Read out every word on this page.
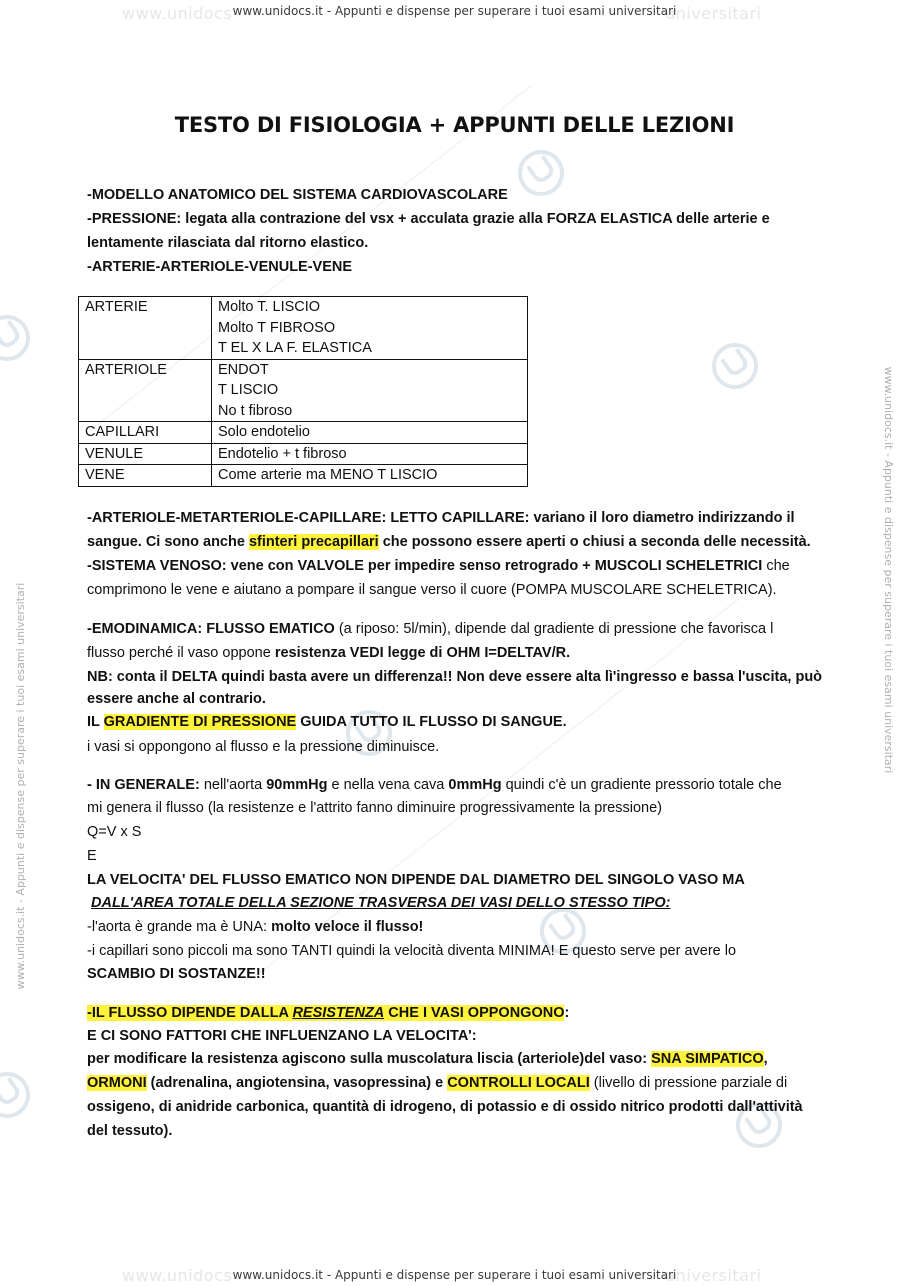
www.unidocs	universitari
www.unidocs.it - Appunti e dispense per superare i tuoi esami universitari
www.unidocs	universitari
www.unidocs.it - Appunti e dispense per superare i tuoi esami universitari
www.unidocs.it - Appunti e dispense per superare i tuoi esami universitari
www.unidocs.it - Appunti e dispense per superare i tuoi esami universitari
TESTO DI FISIOLOGIA + APPUNTI DELLE LEZIONI
-MODELLO ANATOMICO DEL SISTEMA CARDIOVASCOLARE
-PRESSIONE: legata alla contrazione del vsx + acculata grazie alla FORZA ELASTICA delle arterie e
lentamente rilasciata dal ritorno elastico.
-ARTERIE-ARTERIOLE-VENULE-VENE
ARTERIE	Molto T. LISCIO
Molto T FIBROSO
T EL X LA F. ELASTICA

ARTERIOLE	ENDOT
T LISCIO
No t fibroso

CAPILLARI	Solo endotelio

VENULE	Endotelio + t fibroso

VENE	Come arterie ma MENO T LISCIO
-ARTERIOLE-METARTERIOLE-CAPILLARE: LETTO CAPILLARE: variano il loro diametro indirizzando il
sangue. Ci sono anche sfinteri precapillari che possono essere aperti o chiusi a seconda delle necessità.
-SISTEMA VENOSO: vene con VALVOLE per impedire senso retrogrado + MUSCOLI SCHELETRICI che
comprimono le vene e aiutano a pompare il sangue verso il cuore (POMPA MUSCOLARE SCHELETRICA).
-EMODINAMICA: FLUSSO EMATICO (a riposo: 5l/min), dipende dal gradiente di pressione che favorisca l
flusso perché il vaso oppone resistenza VEDI legge di OHM I=DELTAV/R.
NB: conta il DELTA quindi basta avere un differenza!! Non deve essere alta lì'ingresso e bassa l'uscita, può
essere anche al contrario.
IL GRADIENTE DI PRESSIONE GUIDA TUTTO IL FLUSSO DI SANGUE.
i vasi si oppongono al flusso e la pressione diminuisce.
- IN GENERALE: nell'aorta 90mmHg e nella vena cava 0mmHg quindi c'è un gradiente pressorio totale che
mi genera il flusso (la resistenze e l'attrito fanno diminuire progressivamente la pressione)
Q=V x S
E
LA VELOCITA' DEL FLUSSO EMATICO NON DIPENDE DAL DIAMETRO DEL SINGOLO VASO MA
DALL'AREA TOTALE DELLA SEZIONE TRASVERSA DEI VASI DELLO STESSO TIPO:
-l'aorta è grande ma è UNA: molto veloce il flusso!
-i capillari sono piccoli ma sono TANTI quindi la velocità diventa MINIMA! E questo serve per avere lo
SCAMBIO DI SOSTANZE!!
-IL FLUSSO DIPENDE DALLA RESISTENZA CHE I VASI OPPONGONO:
E CI SONO FATTORI CHE INFLUENZANO LA VELOCITA':
per modificare la resistenza agiscono sulla muscolatura liscia (arteriole)del vaso: SNA SIMPATICO,
ORMONI (adrenalina, angiotensina, vasopressina) e CONTROLLI LOCALI (livello di pressione parziale di
ossigeno, di anidride carbonica, quantità di idrogeno, di potassio e di ossido nitrico prodotti dall'attività
del tessuto).
